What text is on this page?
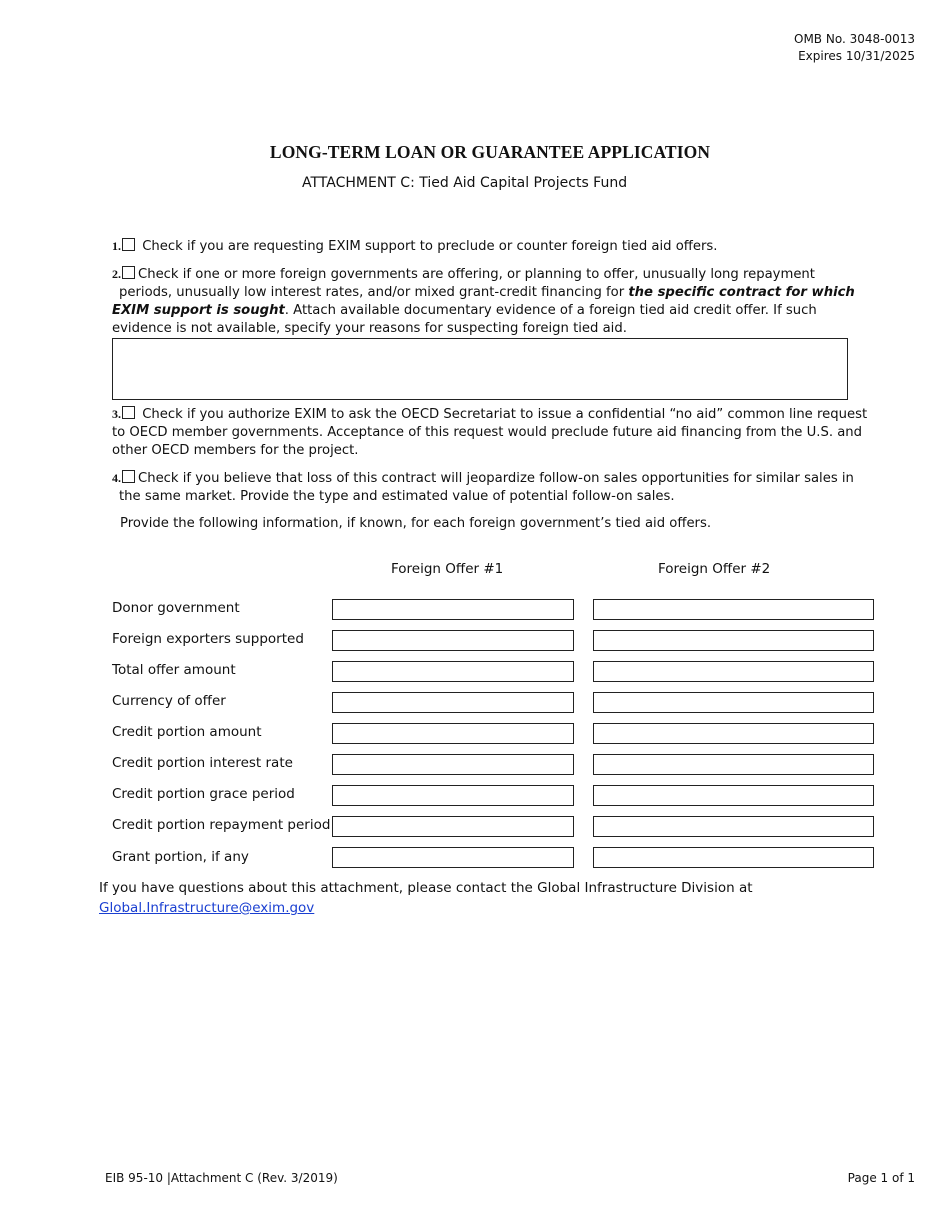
OMB No. 3048-0013
Expires 10/31/2025
LONG-TERM LOAN OR GUARANTEE APPLICATION
ATTACHMENT C: Tied Aid Capital Projects Fund
1. Check if you are requesting EXIM support to preclude or counter foreign tied aid offers.
2. Check if one or more foreign governments are offering, or planning to offer, unusually long repayment
periods, unusually low interest rates, and/or mixed grant-credit financing for the specific contract for which
EXIM support is sought. Attach available documentary evidence of a foreign tied aid credit offer. If such
evidence is not available, specify your reasons for suspecting foreign tied aid.
3. Check if you authorize EXIM to ask the OECD Secretariat to issue a confidential “no aid” common line request
to OECD member governments. Acceptance of this request would preclude future aid financing from the U.S. and
other OECD members for the project.
4. Check if you believe that loss of this contract will jeopardize follow-on sales opportunities for similar sales in
the same market. Provide the type and estimated value of potential follow-on sales.
Provide the following information, if known, for each foreign government’s tied aid offers.
Foreign Offer #1	Foreign Offer #2
Donor government
Foreign exporters supported
Total offer amount
Currency of offer
Credit portion amount
Credit portion interest rate
Credit portion grace period
Credit portion repayment period
Grant portion, if any
If you have questions about this attachment, please contact the Global Infrastructure Division at
Global.Infrastructure@exim.gov
EIB 95-10 |Attachment C (Rev. 3/2019)	Page 1 of 1
